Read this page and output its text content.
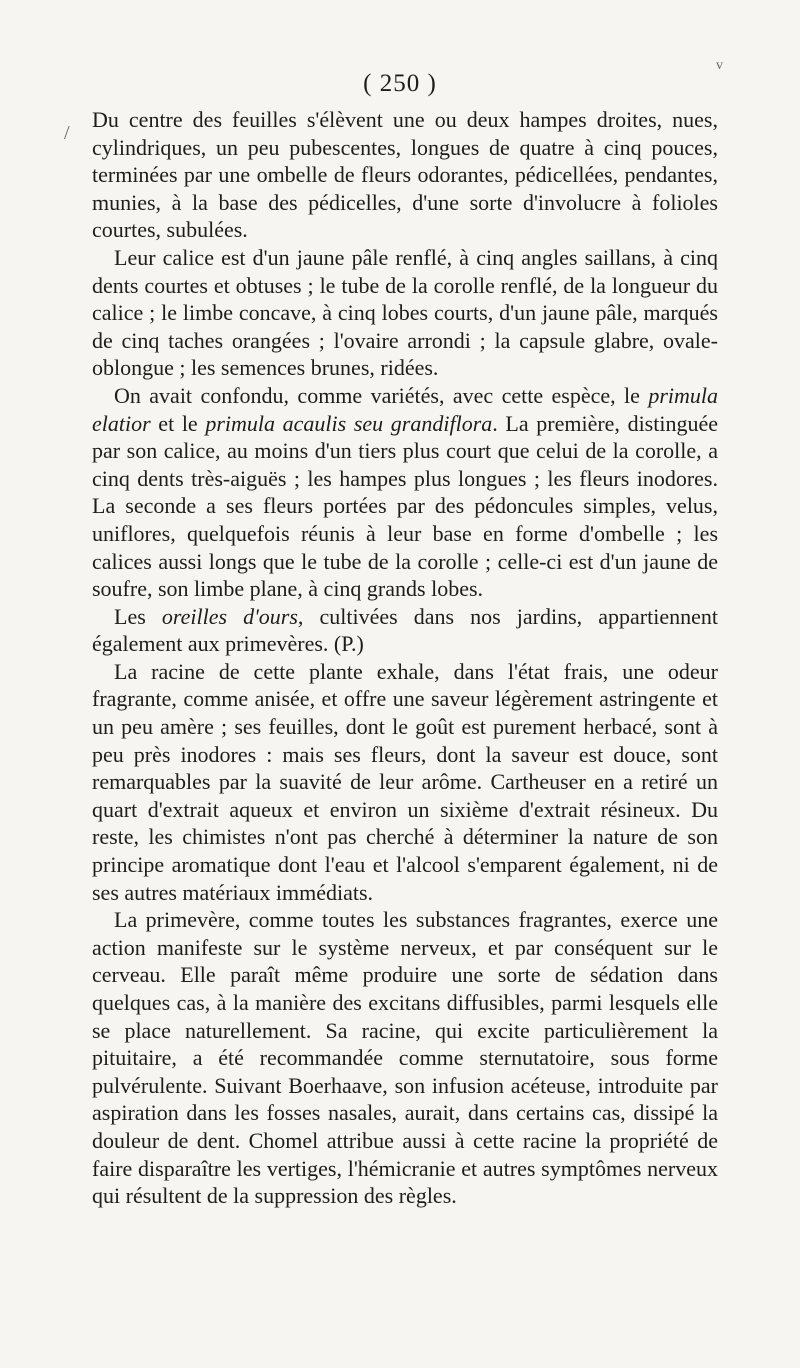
( 250 )
/
v

Du centre des feuilles s'élèvent une ou deux hampes droites, nues, cylindriques, un peu pubescentes, longues de quatre à cinq pouces, terminées par une ombelle de fleurs odorantes, pédicellées, pendantes, munies, à la base des pédicelles, d'une sorte d'involucre à folioles courtes, subulées.

Leur calice est d'un jaune pâle renflé, à cinq angles saillans, à cinq dents courtes et obtuses ; le tube de la corolle renflé, de la longueur du calice ; le limbe concave, à cinq lobes courts, d'un jaune pâle, marqués de cinq taches orangées ; l'ovaire arrondi ; la capsule glabre, ovale-oblongue ; les semences brunes, ridées.

On avait confondu, comme variétés, avec cette espèce, le primula elatior et le primula acaulis seu grandiflora. La première, distinguée par son calice, au moins d'un tiers plus court que celui de la corolle, a cinq dents très-aiguës ; les hampes plus longues ; les fleurs inodores. La seconde a ses fleurs portées par des pédoncules simples, velus, uniflores, quelquefois réunis à leur base en forme d'ombelle ; les calices aussi longs que le tube de la corolle ; celle-ci est d'un jaune de soufre, son limbe plane, à cinq grands lobes.

Les oreilles d'ours, cultivées dans nos jardins, appartiennent également aux primevères. (P.)

La racine de cette plante exhale, dans l'état frais, une odeur fragrante, comme anisée, et offre une saveur légèrement astringente et un peu amère ; ses feuilles, dont le goût est purement herbacé, sont à peu près inodores : mais ses fleurs, dont la saveur est douce, sont remarquables par la suavité de leur arôme. Cartheuser en a retiré un quart d'extrait aqueux et environ un sixième d'extrait résineux. Du reste, les chimistes n'ont pas cherché à déterminer la nature de son principe aromatique dont l'eau et l'alcool s'emparent également, ni de ses autres matériaux immédiats.

La primevère, comme toutes les substances fragrantes, exerce une action manifeste sur le système nerveux, et par conséquent sur le cerveau. Elle paraît même produire une sorte de sédation dans quelques cas, à la manière des excitans diffusibles, parmi lesquels elle se place naturellement. Sa racine, qui excite particulièrement la pituitaire, a été recommandée comme sternutatoire, sous forme pulvérulente. Suivant Boerhaave, son infusion acéteuse, introduite par aspiration dans les fosses nasales, aurait, dans certains cas, dissipé la douleur de dent. Chomel attribue aussi à cette racine la propriété de faire disparaître les vertiges, l'hémicranie et autres symptômes nerveux qui résultent de la suppression des règles.
